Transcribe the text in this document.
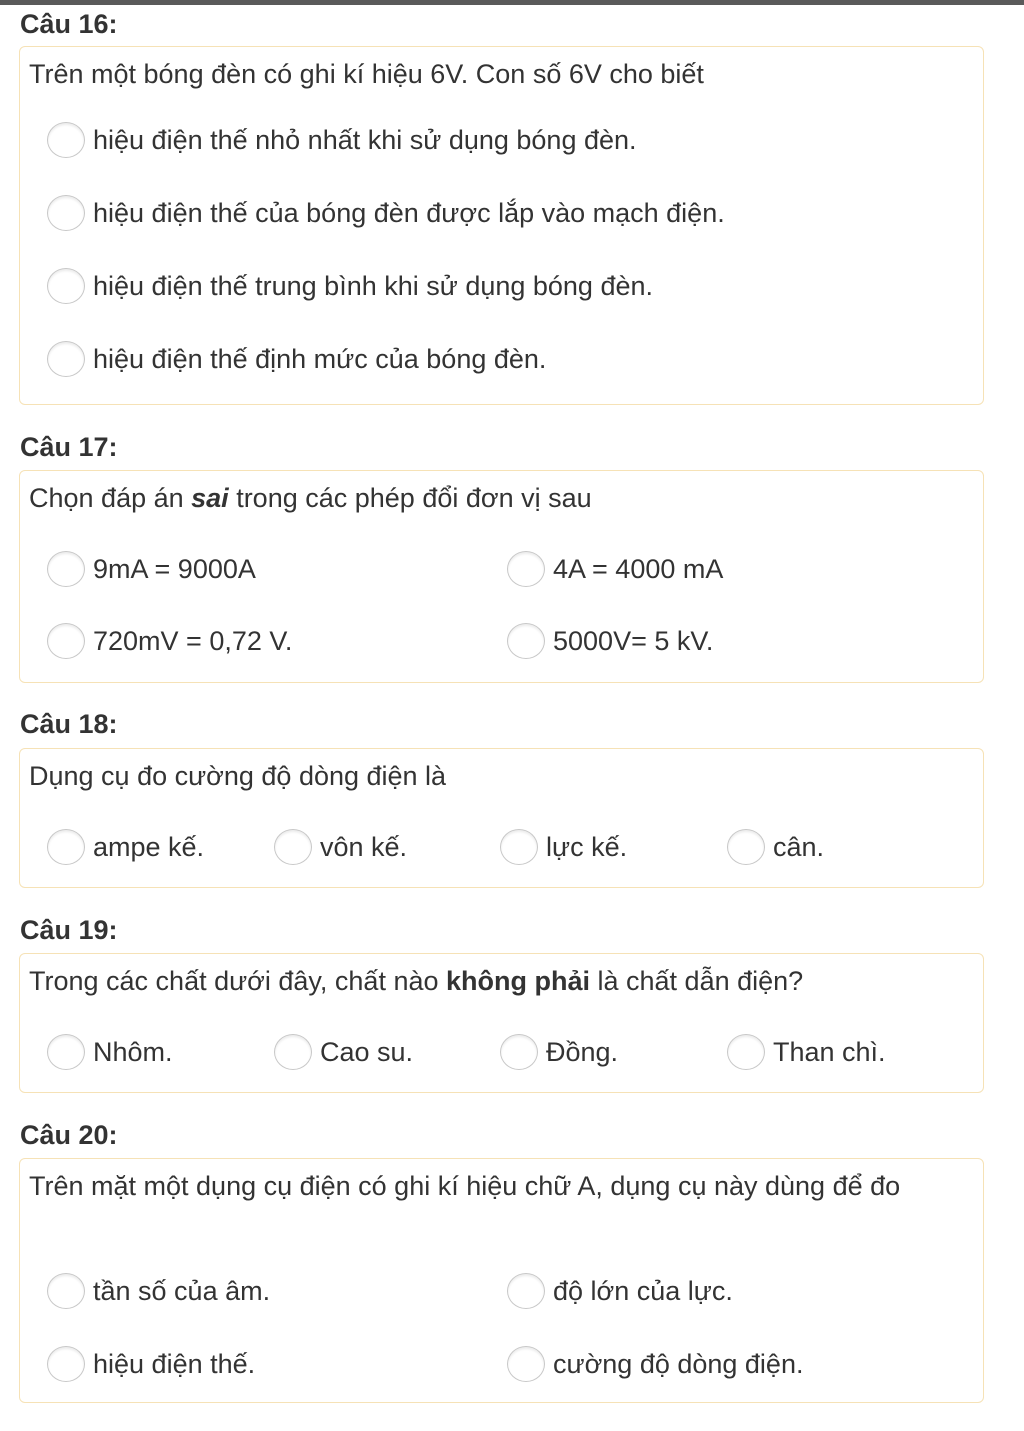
Câu 16:
Trên một bóng đèn có ghi kí hiệu 6V. Con số 6V cho biết
hiệu điện thế nhỏ nhất khi sử dụng bóng đèn.
hiệu điện thế của bóng đèn được lắp vào mạch điện.
hiệu điện thế trung bình khi sử dụng bóng đèn.
hiệu điện thế định mức của bóng đèn.
Câu 17:
Chọn đáp án sai trong các phép đổi đơn vị sau
9mA = 9000A	4A = 4000 mA
720mV = 0,72 V.	5000V= 5 kV.
Câu 18:
Dụng cụ đo cường độ dòng điện là
ampe kế.	vôn kế.	lực kế.	cân.
Câu 19:
Trong các chất dưới đây, chất nào không phải là chất dẫn điện?
Nhôm.	Cao su.	Đồng.	Than chì.
Câu 20:
Trên mặt một dụng cụ điện có ghi kí hiệu chữ A, dụng cụ này dùng để đo
tần số của âm.	độ lớn của lực.
hiệu điện thế.	cường độ dòng điện.
